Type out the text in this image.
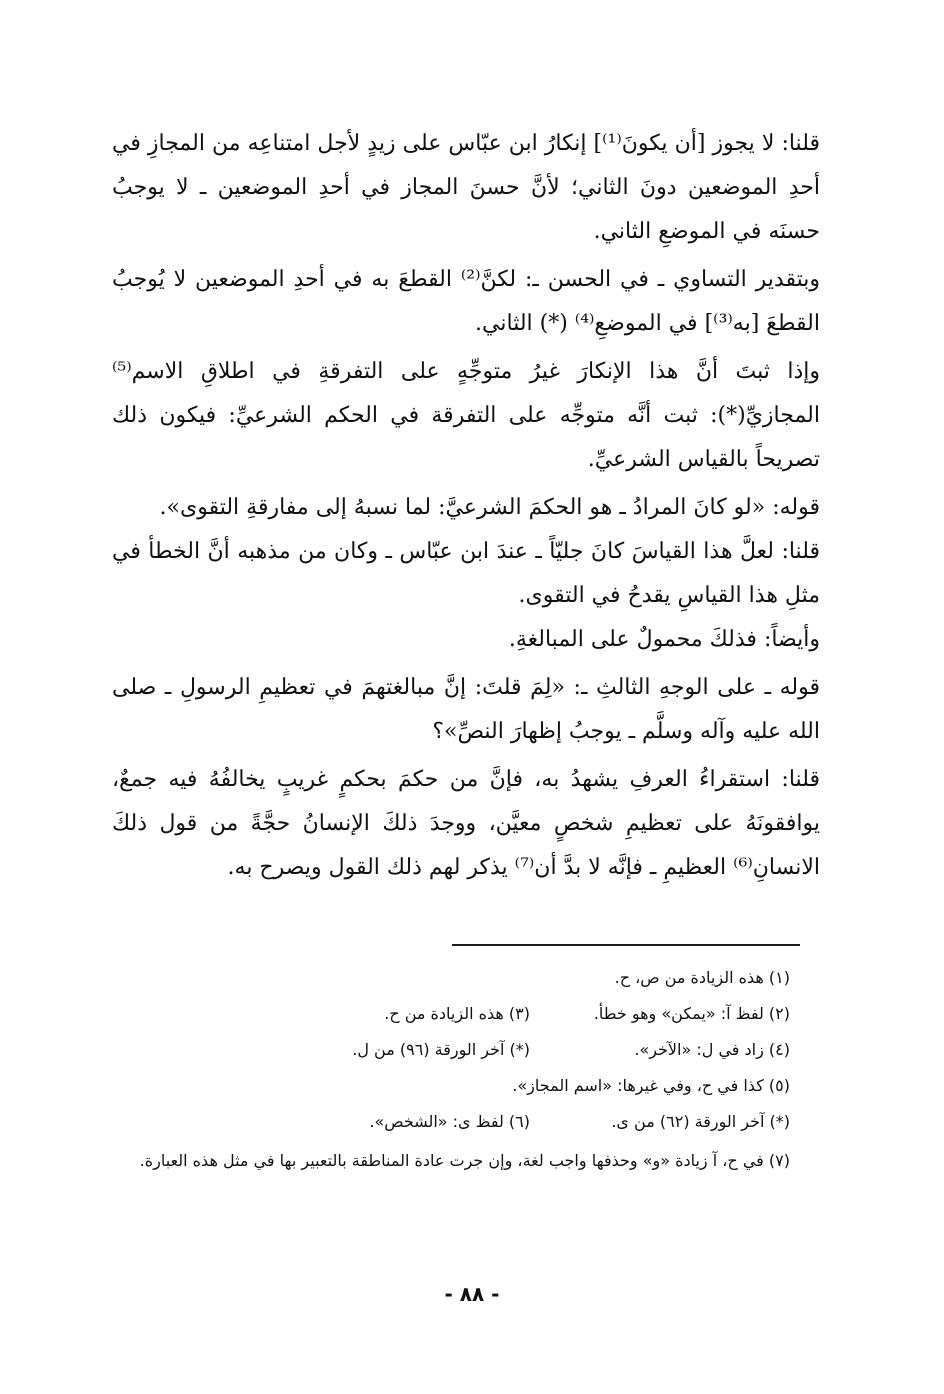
قلنا: لا يجوز [أن يكونَ⁽¹⁾] إنكارُ ابن عبّاس على زيدٍ لأجل امتناعِه من المجازِ في أحدِ الموضعين دونَ الثاني؛ لأنَّ حسنَ المجاز في أحدِ الموضعين ـ لا يوجبُ حسنَه في الموضعِ الثاني.

وبتقدير التساوي ـ في الحسن ـ: لكنَّ⁽²⁾ القطعَ به في أحدِ الموضعين لا يُوجبُ القطعَ [به⁽³⁾] في الموضعِ⁽⁴⁾ (*) الثاني.

وإذا ثبتَ أنَّ هذا الإنكارَ غيرُ متوجِّهٍ على التفرقةِ في اطلاقِ الاسم⁽⁵⁾ المجازيِّ(*): ثبت أنَّه متوجِّه على التفرقة في الحكم الشرعيِّ: فيكون ذلك تصريحاً بالقياس الشرعيِّ.

قوله: «لو كانَ المرادُ ـ هو الحكمَ الشرعيَّ: لما نسبهُ إلى مفارقةِ التقوى».

قلنا: لعلَّ هذا القياسَ كانَ جليّاً ـ عندَ ابن عبّاس ـ وكان من مذهبه أنَّ الخطأ في مثلِ هذا القياسِ يقدحُ في التقوى.

وأيضاً: فذلكَ محمولٌ على المبالغةِ.

قوله ـ على الوجهِ الثالثِ ـ: «لِمَ قلتَ: إنَّ مبالغتهمَ في تعظيمِ الرسولِ ـ صلى الله عليه وآله وسلَّم ـ يوجبُ إظهارَ النصِّ»؟

قلنا: استقراءُ العرفِ يشهدُ به، فإنَّ من حكمَ بحكمٍ غريبٍ يخالفُهُ فيه جمعٌ، يوافقونَهُ على تعظيمِ شخصٍ معيَّن، ووجدَ ذلكَ الإنسانُ حجَّةً من قول ذلكَ الانسانِ⁽⁶⁾ العظيمِ ـ فإنَّه لا بدَّ أن⁽⁷⁾ يذكر لهم ذلك القول ويصرح به.

(١) هذه الزيادة من ص، ح.
(٢) لفظ آ: «يمكن» وهو خطأ.
(٣) هذه الزيادة من ح.
(٤) زاد في ل: «الآخر».
(*) آخر الورقة (٩٦) من ل.
(٥) كذا في ح، وفي غيرها: «اسم المجاز».
(*) آخر الورقة (٦٢) من ى.
(٦) لفظ ى: «الشخص».
(٧) في ح، آ زيادة «و» وحذفها واجب لغة، وإن جرت عادة المناطقة بالتعبير بها في مثل هذه العبارة.
- ٨٨ -
